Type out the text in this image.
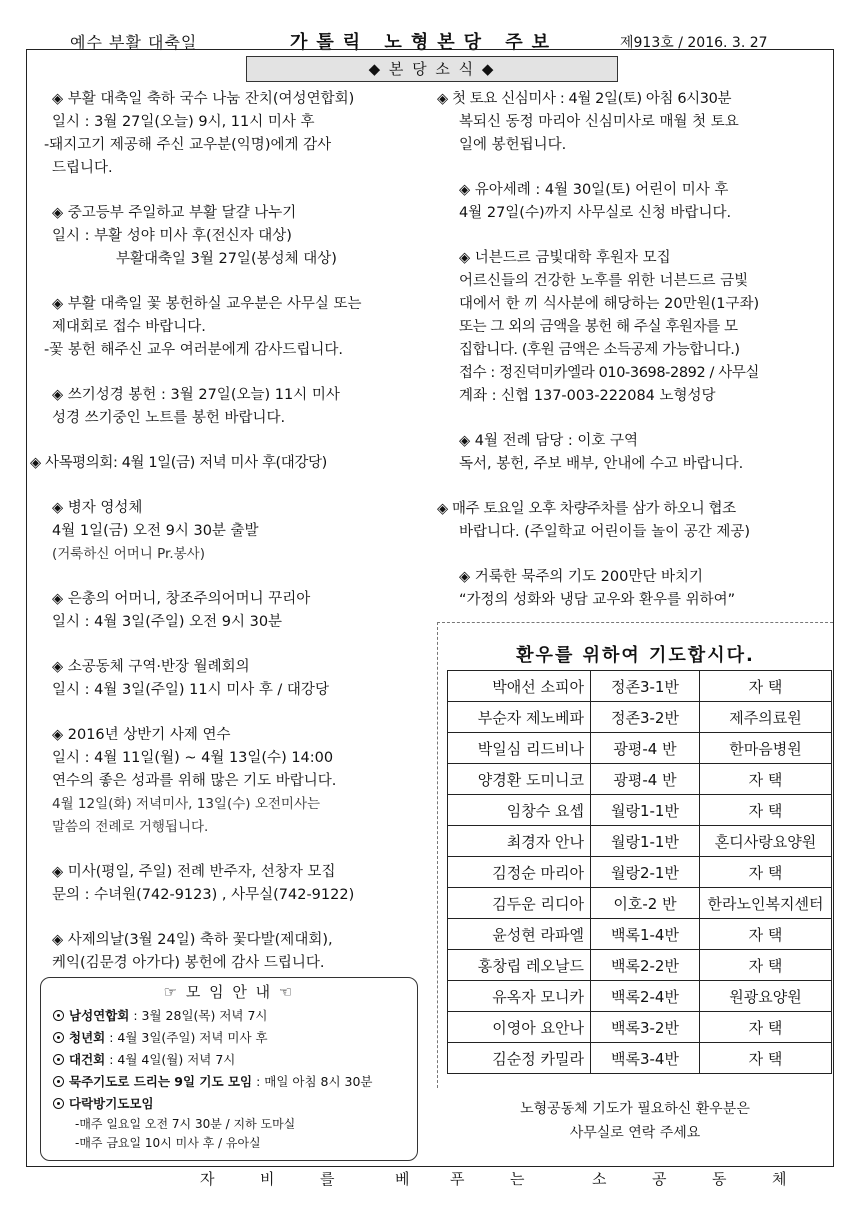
예수 부활 대축일	가톨릭 노형본당 주보	제913호 / 2016. 3. 27
◆ 본 당 소 식 ◆
◈ 부활 대축일 축하 국수 나눔 잔치(여성연합회)
일시 : 3월 27일(오늘) 9시, 11시 미사 후
-돼지고기 제공해 주신 교우분(익명)에게 감사
드립니다.
◈ 중고등부 주일하교 부활 달걀 나누기
일시 : 부활 성야 미사 후(전신자 대상)
부활대축일 3월 27일(봉성체 대상)
◈ 부활 대축일 꽃 봉헌하실 교우분은 사무실 또는
제대회로 접수 바랍니다.
-꽃 봉헌 해주신 교우 여러분에게 감사드립니다.
◈ 쓰기성경 봉헌 : 3월 27일(오늘) 11시 미사
성경 쓰기중인 노트를 봉헌 바랍니다.
◈ 사목평의회: 4월 1일(금) 저녁 미사 후(대강당)
◈ 병자 영성체
4월 1일(금) 오전 9시 30분 출발
(거룩하신 어머니 Pr.봉사)
◈ 은총의 어머니, 창조주의어머니 꾸리아
일시 : 4월 3일(주일) 오전 9시 30분
◈ 소공동체 구역·반장 월례회의
일시 : 4월 3일(주일) 11시 미사 후 / 대강당
◈ 2016년 상반기 사제 연수
일시 : 4월 11일(월) ~ 4월 13일(수) 14:00
연수의 좋은 성과를 위해 많은 기도 바랍니다.
4월 12일(화) 저녁미사, 13일(수) 오전미사는
말씀의 전례로 거행됩니다.
◈ 미사(평일, 주일) 전례 반주자, 선창자 모집
문의 : 수녀원(742-9123) , 사무실(742-9122)
◈ 사제의날(3월 24일) 축하 꽃다발(제대회),
케익(김문경 아가다) 봉헌에 감사 드립니다.
◈ 첫 토요 신심미사 : 4월 2일(토) 아침 6시30분
복되신 동정 마리아 신심미사로 매월 첫 토요
일에 봉헌됩니다.
◈ 유아세례 : 4월 30일(토) 어린이 미사 후
4월 27일(수)까지 사무실로 신청 바랍니다.
◈ 너븐드르 금빛대학 후원자 모집
어르신들의 건강한 노후를 위한 너븐드르 금빛
대에서 한 끼 식사분에 해당하는 20만원(1구좌)
또는 그 외의 금액을 봉헌 해 주실 후원자를 모
집합니다. (후원 금액은 소득공제 가능합니다.)
접수 : 정진덕미카엘라 010-3698-2892 / 사무실
계좌 : 신협 137-003-222084 노형성당
◈ 4월 전례 담당 : 이호 구역
독서, 봉헌, 주보 배부, 안내에 수고 바랍니다.
◈ 매주 토요일 오후 차량주차를 삼가 하오니 협조
바랍니다. (주일학교 어린이들 놀이 공간 제공)
◈ 거룩한 묵주의 기도 200만단 바치기
“가정의 성화와 냉담 교우와 환우를 위하여”
☞ 모 임 안 내 ☜
남성연합회 : 3월 28일(목) 저녁 7시
청년회 : 4월 3일(주일) 저녁 미사 후
대건회 : 4월 4일(월) 저녁 7시
묵주기도로 드리는 9일 기도 모임 : 매일 아침 8시 30분
다락방기도모임
-매주 일요일 오전 7시 30분 / 지하 도마실
-매주 금요일 10시 미사 후 / 유아실
환우를 위하여 기도합시다.
박애선 소피아	정존3-1반	자 택
부순자 제노베파	정존3-2반	제주의료원
박일심 리드비나	광평-4 반	한마음병원
양경환 도미니코	광평-4 반	자 택
임창수 요셉	월랑1-1반	자 택
최경자 안나	월랑1-1반	혼디사랑요양원
김정순 마리아	월랑2-1반	자 택
김두운 리디아	이호-2 반	한라노인복지센터
윤성현 라파엘	백록1-4반	자 택
홍창립 레오날드	백록2-2반	자 택
유옥자 모니카	백록2-4반	원광요양원
이영아 요안나	백록3-2반	자 택
김순정 카밀라	백록3-4반	자 택
노형공동체 기도가 필요하신 환우분은
사무실로 연락 주세요
자	비	를	베	푸	는	소	공	동	체
